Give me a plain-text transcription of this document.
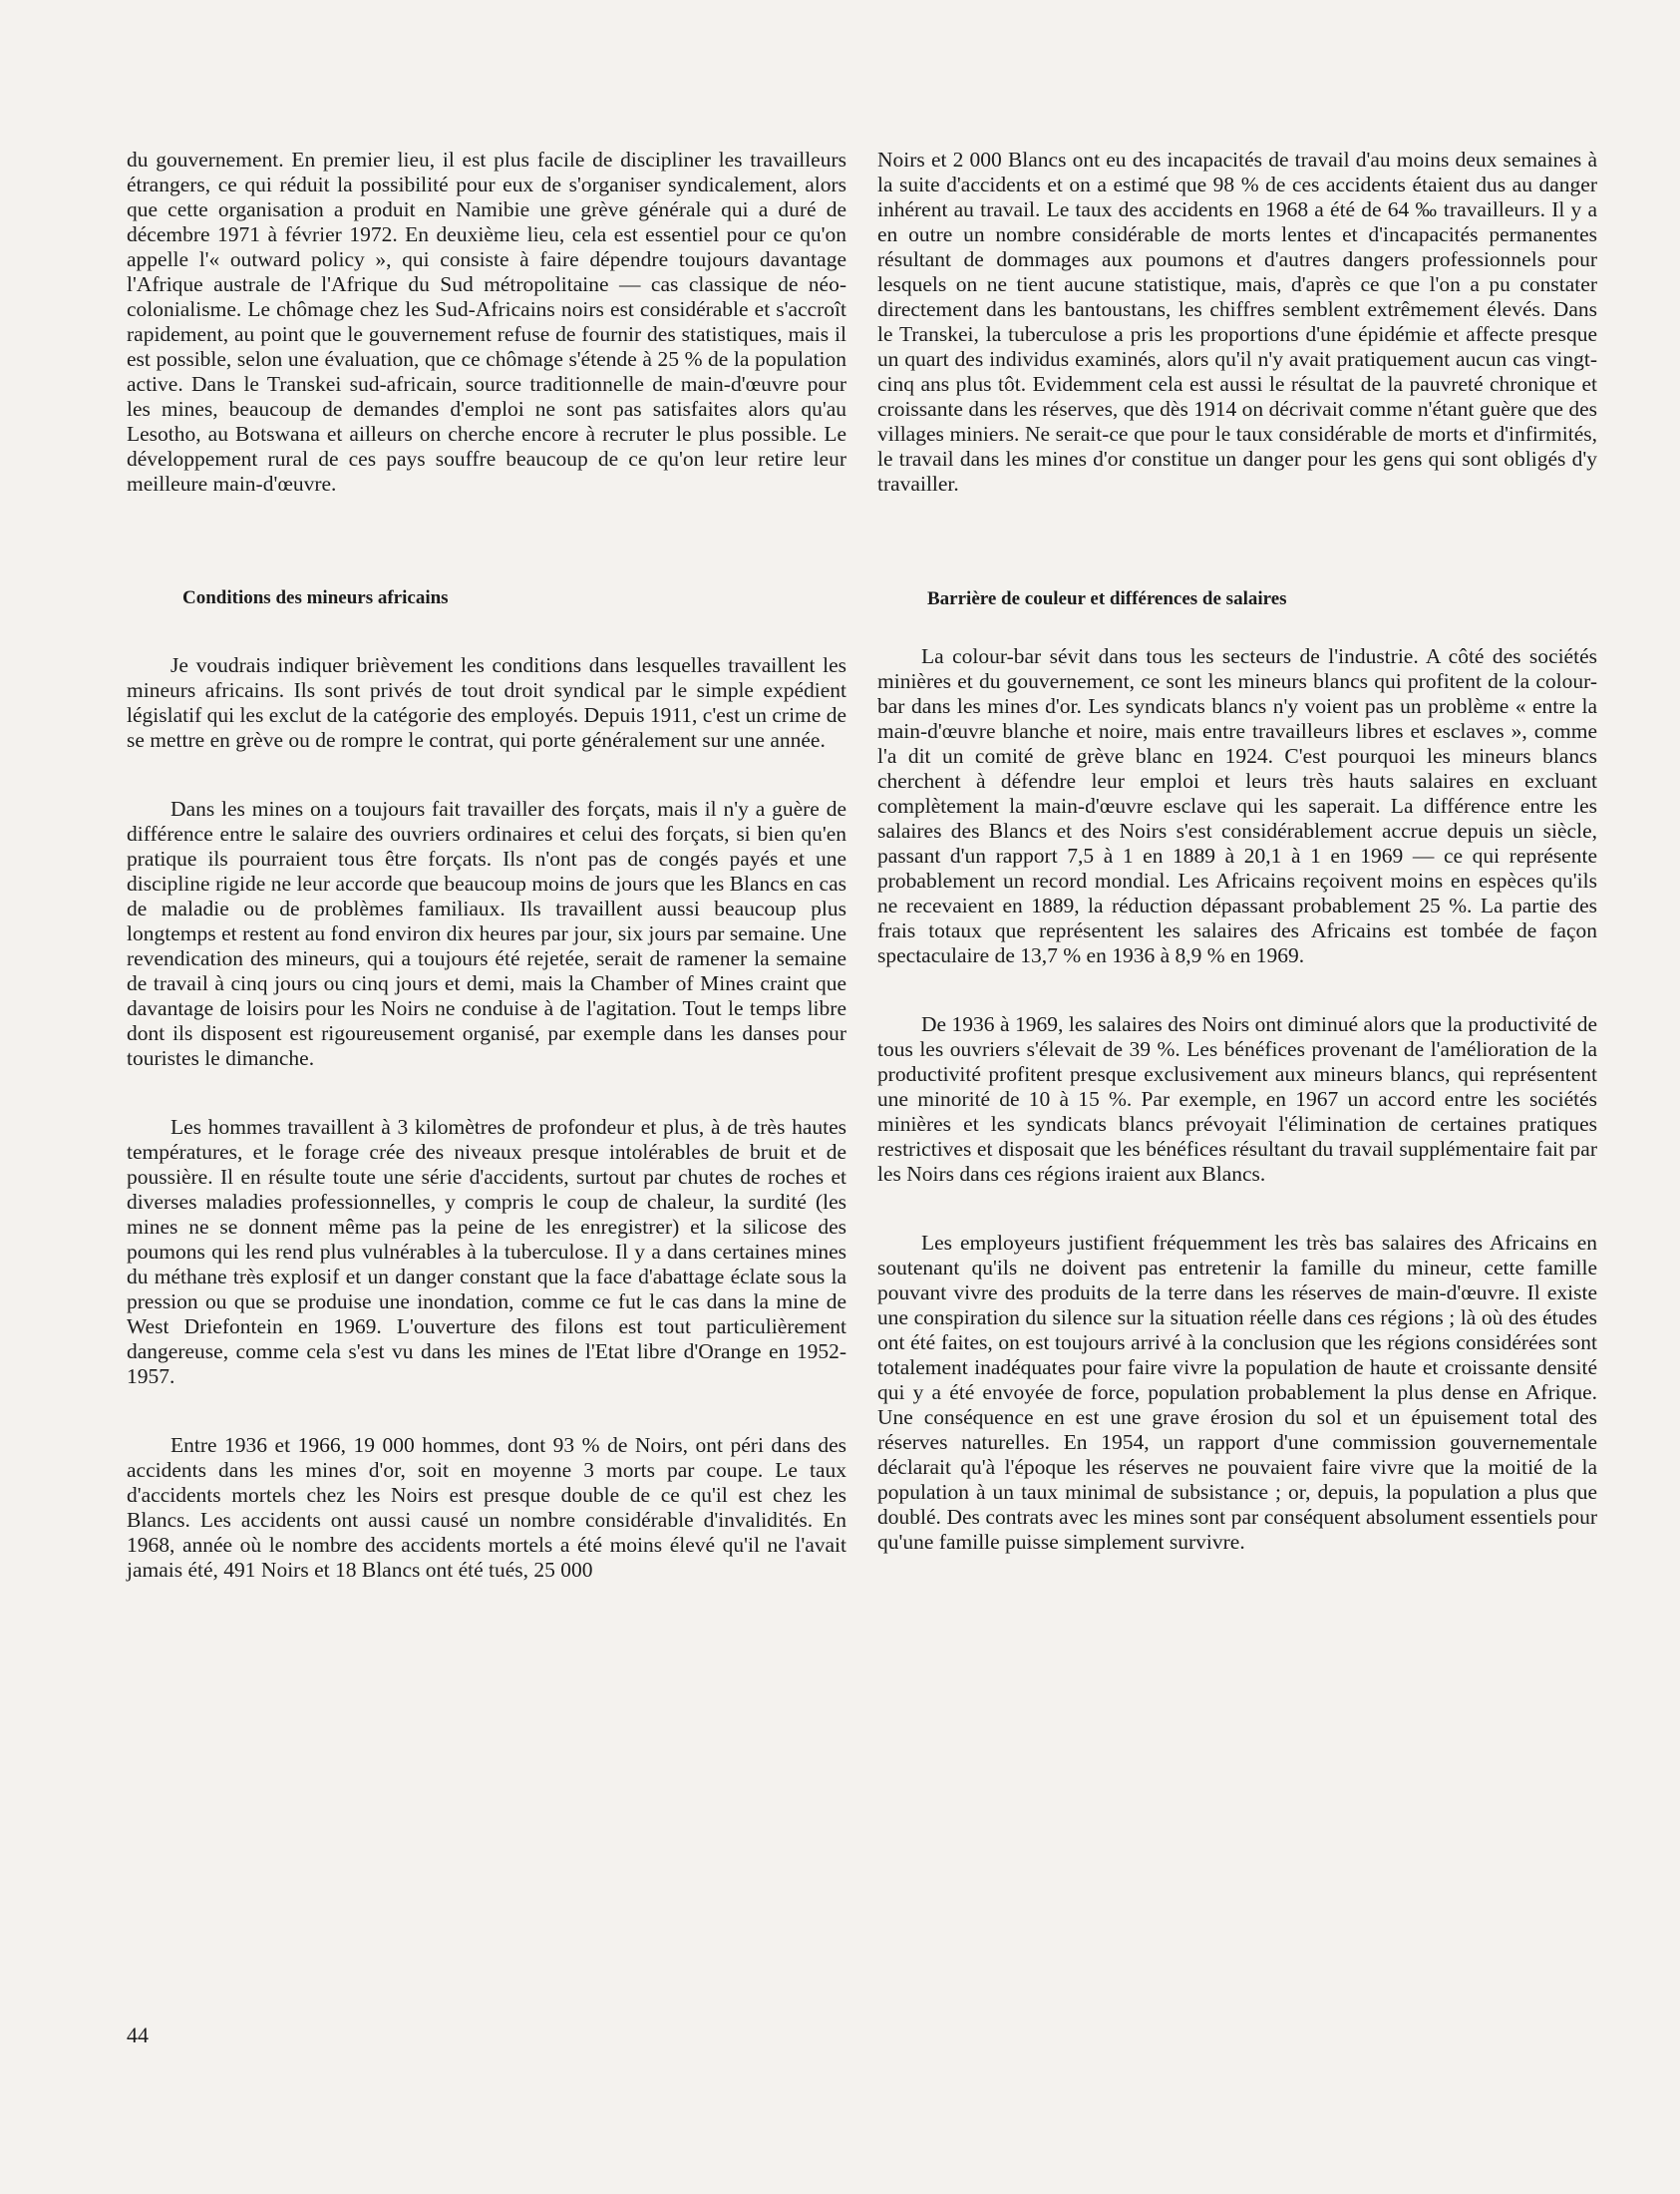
du gouvernement. En premier lieu, il est plus facile de discipliner les travailleurs étrangers, ce qui réduit la possibilité pour eux de s'organiser syndicalement, alors que cette organisation a produit en Namibie une grève générale qui a duré de décembre 1971 à février 1972. En deuxième lieu, cela est essentiel pour ce qu'on appelle l'« outward policy », qui consiste à faire dépendre toujours davantage l'Afrique australe de l'Afrique du Sud métropolitaine — cas classique de néo-colonialisme. Le chômage chez les Sud-Africains noirs est considérable et s'accroît rapidement, au point que le gouvernement refuse de fournir des statistiques, mais il est possible, selon une évaluation, que ce chômage s'étende à 25 % de la population active. Dans le Transkei sud-africain, source traditionnelle de main-d'œuvre pour les mines, beaucoup de demandes d'emploi ne sont pas satisfaites alors qu'au Lesotho, au Botswana et ailleurs on cherche encore à recruter le plus possible. Le développement rural de ces pays souffre beaucoup de ce qu'on leur retire leur meilleure main-d'œuvre.

Conditions des mineurs africains

Je voudrais indiquer brièvement les conditions dans lesquelles travaillent les mineurs africains. Ils sont privés de tout droit syndical par le simple expédient législatif qui les exclut de la catégorie des employés. Depuis 1911, c'est un crime de se mettre en grève ou de rompre le contrat, qui porte généralement sur une année.

Dans les mines on a toujours fait travailler des forçats, mais il n'y a guère de différence entre le salaire des ouvriers ordinaires et celui des forçats, si bien qu'en pratique ils pourraient tous être forçats. Ils n'ont pas de congés payés et une discipline rigide ne leur accorde que beaucoup moins de jours que les Blancs en cas de maladie ou de problèmes familiaux. Ils travaillent aussi beaucoup plus longtemps et restent au fond environ dix heures par jour, six jours par semaine. Une revendication des mineurs, qui a toujours été rejetée, serait de ramener la semaine de travail à cinq jours ou cinq jours et demi, mais la Chamber of Mines craint que davantage de loisirs pour les Noirs ne conduise à de l'agitation. Tout le temps libre dont ils disposent est rigoureusement organisé, par exemple dans les danses pour touristes le dimanche.

Les hommes travaillent à 3 kilomètres de profondeur et plus, à de très hautes températures, et le forage crée des niveaux presque intolérables de bruit et de poussière. Il en résulte toute une série d'accidents, surtout par chutes de roches et diverses maladies professionnelles, y compris le coup de chaleur, la surdité (les mines ne se donnent même pas la peine de les enregistrer) et la silicose des poumons qui les rend plus vulnérables à la tuberculose. Il y a dans certaines mines du méthane très explosif et un danger constant que la face d'abattage éclate sous la pression ou que se produise une inondation, comme ce fut le cas dans la mine de West Driefontein en 1969. L'ouverture des filons est tout particulièrement dangereuse, comme cela s'est vu dans les mines de l'Etat libre d'Orange en 1952-1957.

Entre 1936 et 1966, 19 000 hommes, dont 93 % de Noirs, ont péri dans des accidents dans les mines d'or, soit en moyenne 3 morts par coupe. Le taux d'accidents mortels chez les Noirs est presque double de ce qu'il est chez les Blancs. Les accidents ont aussi causé un nombre considérable d'invalidités. En 1968, année où le nombre des accidents mortels a été moins élevé qu'il ne l'avait jamais été, 491 Noirs et 18 Blancs ont été tués, 25 000

Noirs et 2 000 Blancs ont eu des incapacités de travail d'au moins deux semaines à la suite d'accidents et on a estimé que 98 % de ces accidents étaient dus au danger inhérent au travail. Le taux des accidents en 1968 a été de 64 ‰ travailleurs. Il y a en outre un nombre considérable de morts lentes et d'incapacités permanentes résultant de dommages aux poumons et d'autres dangers professionnels pour lesquels on ne tient aucune statistique, mais, d'après ce que l'on a pu constater directement dans les bantoustans, les chiffres semblent extrêmement élevés. Dans le Transkei, la tuberculose a pris les proportions d'une épidémie et affecte presque un quart des individus examinés, alors qu'il n'y avait pratiquement aucun cas vingt-cinq ans plus tôt. Evidemment cela est aussi le résultat de la pauvreté chronique et croissante dans les réserves, que dès 1914 on décrivait comme n'étant guère que des villages miniers. Ne serait-ce que pour le taux considérable de morts et d'infirmités, le travail dans les mines d'or constitue un danger pour les gens qui sont obligés d'y travailler.

Barrière de couleur et différences de salaires

La colour-bar sévit dans tous les secteurs de l'industrie. A côté des sociétés minières et du gouvernement, ce sont les mineurs blancs qui profitent de la colour-bar dans les mines d'or. Les syndicats blancs n'y voient pas un problème « entre la main-d'œuvre blanche et noire, mais entre travailleurs libres et esclaves », comme l'a dit un comité de grève blanc en 1924. C'est pourquoi les mineurs blancs cherchent à défendre leur emploi et leurs très hauts salaires en excluant complètement la main-d'œuvre esclave qui les saperait. La différence entre les salaires des Blancs et des Noirs s'est considérablement accrue depuis un siècle, passant d'un rapport 7,5 à 1 en 1889 à 20,1 à 1 en 1969 — ce qui représente probablement un record mondial. Les Africains reçoivent moins en espèces qu'ils ne recevaient en 1889, la réduction dépassant probablement 25 %. La partie des frais totaux que représentent les salaires des Africains est tombée de façon spectaculaire de 13,7 % en 1936 à 8,9 % en 1969.

De 1936 à 1969, les salaires des Noirs ont diminué alors que la productivité de tous les ouvriers s'élevait de 39 %. Les bénéfices provenant de l'amélioration de la productivité profitent presque exclusivement aux mineurs blancs, qui représentent une minorité de 10 à 15 %. Par exemple, en 1967 un accord entre les sociétés minières et les syndicats blancs prévoyait l'élimination de certaines pratiques restrictives et disposait que les bénéfices résultant du travail supplémentaire fait par les Noirs dans ces régions iraient aux Blancs.

Les employeurs justifient fréquemment les très bas salaires des Africains en soutenant qu'ils ne doivent pas entretenir la famille du mineur, cette famille pouvant vivre des produits de la terre dans les réserves de main-d'œuvre. Il existe une conspiration du silence sur la situation réelle dans ces régions ; là où des études ont été faites, on est toujours arrivé à la conclusion que les régions considérées sont totalement inadéquates pour faire vivre la population de haute et croissante densité qui y a été envoyée de force, population probablement la plus dense en Afrique. Une conséquence en est une grave érosion du sol et un épuisement total des réserves naturelles. En 1954, un rapport d'une commission gouvernementale déclarait qu'à l'époque les réserves ne pouvaient faire vivre que la moitié de la population à un taux minimal de subsistance ; or, depuis, la population a plus que doublé. Des contrats avec les mines sont par conséquent absolument essentiels pour qu'une famille puisse simplement survivre.

44
